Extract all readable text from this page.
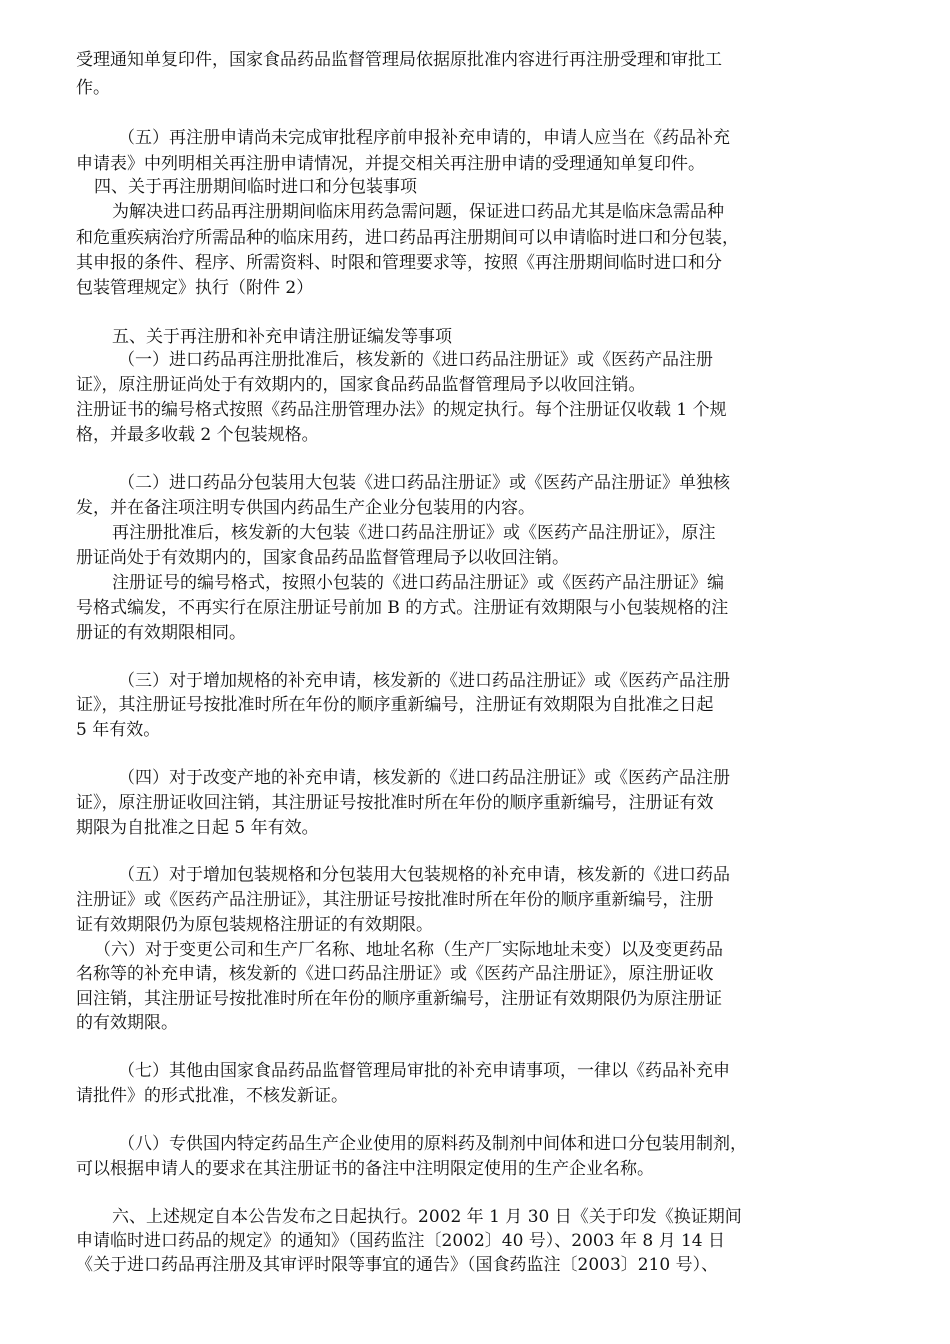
受理通知单复印件，国家食品药品监督管理局依据原批准内容进行再注册受理和审批工
作。
（五）再注册申请尚未完成审批程序前申报补充申请的，申请人应当在《药品补充
申请表》中列明相关再注册申请情况，并提交相关再注册申请的受理通知单复印件。
四、关于再注册期间临时进口和分包装事项
为解决进口药品再注册期间临床用药急需问题，保证进口药品尤其是临床急需品种
和危重疾病治疗所需品种的临床用药，进口药品再注册期间可以申请临时进口和分包装，
其申报的条件、程序、所需资料、时限和管理要求等，按照《再注册期间临时进口和分
包装管理规定》执行（附件 2）
五、关于再注册和补充申请注册证编发等事项
（一）进口药品再注册批准后，核发新的《进口药品注册证》或《医药产品注册
证》，原注册证尚处于有效期内的，国家食品药品监督管理局予以收回注销。
注册证书的编号格式按照《药品注册管理办法》的规定执行。每个注册证仅收载 1 个规
格，并最多收载 2 个包装规格。
（二）进口药品分包装用大包装《进口药品注册证》或《医药产品注册证》单独核
发，并在备注项注明专供国内药品生产企业分包装用的内容。
再注册批准后，核发新的大包装《进口药品注册证》或《医药产品注册证》，原注
册证尚处于有效期内的，国家食品药品监督管理局予以收回注销。
注册证号的编号格式，按照小包装的《进口药品注册证》或《医药产品注册证》编
号格式编发，不再实行在原注册证号前加 B 的方式。注册证有效期限与小包装规格的注
册证的有效期限相同。
（三）对于增加规格的补充申请，核发新的《进口药品注册证》或《医药产品注册
证》，其注册证号按批准时所在年份的顺序重新编号，注册证有效期限为自批准之日起
5 年有效。
（四）对于改变产地的补充申请，核发新的《进口药品注册证》或《医药产品注册
证》，原注册证收回注销，其注册证号按批准时所在年份的顺序重新编号，注册证有效
期限为自批准之日起 5 年有效。
（五）对于增加包装规格和分包装用大包装规格的补充申请，核发新的《进口药品
注册证》或《医药产品注册证》，其注册证号按批准时所在年份的顺序重新编号，注册
证有效期限仍为原包装规格注册证的有效期限。
（六）对于变更公司和生产厂名称、地址名称（生产厂实际地址未变）以及变更药品
名称等的补充申请，核发新的《进口药品注册证》或《医药产品注册证》，原注册证收
回注销，其注册证号按批准时所在年份的顺序重新编号，注册证有效期限仍为原注册证
的有效期限。
（七）其他由国家食品药品监督管理局审批的补充申请事项，一律以《药品补充申
请批件》的形式批准，不核发新证。
（八）专供国内特定药品生产企业使用的原料药及制剂中间体和进口分包装用制剂，
可以根据申请人的要求在其注册证书的备注中注明限定使用的生产企业名称。
六、上述规定自本公告发布之日起执行。2002 年 1 月 30 日《关于印发《换证期间
申请临时进口药品的规定》的通知》（国药监注〔2002〕40 号）、2003 年 8 月 14 日
《关于进口药品再注册及其审评时限等事宜的通告》（国食药监注〔2003〕210 号）、
